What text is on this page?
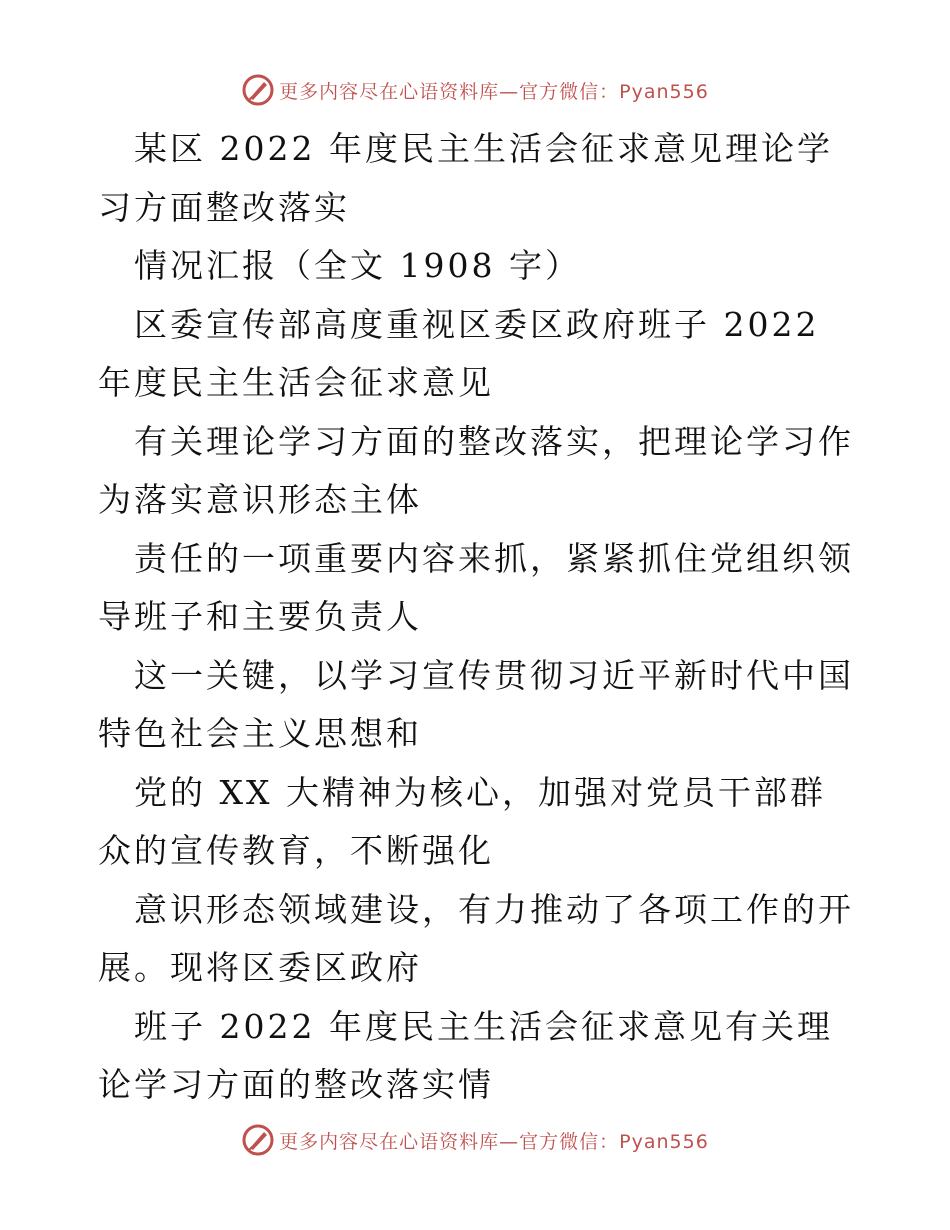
更多内容尽在心语资料库—官方微信：Pyan556

某区 2022 年度民主生活会征求意见理论学习方面整改落实

情况汇报（全文 1908 字）

区委宣传部高度重视区委区政府班子 2022 年度民主生活会征求意见

有关理论学习方面的整改落实，把理论学习作为落实意识形态主体

责任的一项重要内容来抓，紧紧抓住党组织领导班子和主要负责人

这一关键，以学习宣传贯彻习近平新时代中国特色社会主义思想和

党的 XX 大精神为核心，加强对党员干部群众的宣传教育，不断强化

意识形态领域建设，有力推动了各项工作的开展。现将区委区政府

班子 2022 年度民主生活会征求意见有关理论学习方面的整改落实情

更多内容尽在心语资料库—官方微信：Pyan556
